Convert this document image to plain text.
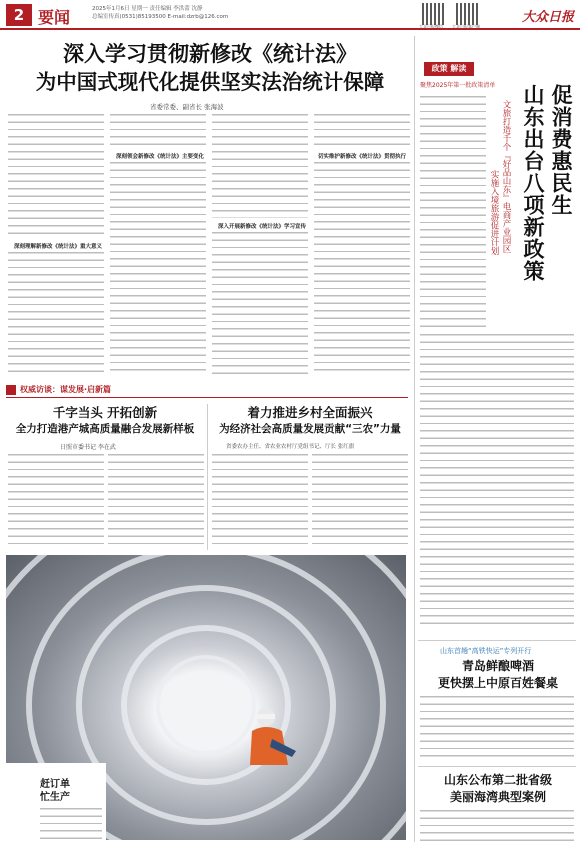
2 要闻	2025年1月6日 星期一 责任编辑 李洪蕾 沈静
总编室传真(0531)85193500 E-mail:dzrb@126.com
大众日报微信 大众日报客户端
大众日报
深入学习贯彻新修改《统计法》
为中国式现代化提供坚实法治统计保障
省委常委、副省长 张海波
深刻理解新修改《统计法》重大意义
深刻领会新修改《统计法》主要变化
深入开展新修改《统计法》学习宣传
切实维护新修改《统计法》贯彻执行
政策 解读
聚焦2025年第一批政策清单	促消费惠民生
山东出台八项新政策
文旅打造千个『好品山东』电商产业园区
实施入境旅游促进计划
山东首趟“高铁快运”专列开行
青岛鲜酿啤酒
更快摆上中原百姓餐桌
山东公布第二批省级
美丽海湾典型案例
权威访谈：谋发展·启新篇
千字当头 开拓创新
全力打造港产城高质量融合发展新样板
日照市委书记 李在武
着力推进乡村全面振兴
为经济社会高质量发展贡献“三农”力量
省委农办主任、省农业农村厅党组书记、厅长 张红旗
赶订单
忙生产
